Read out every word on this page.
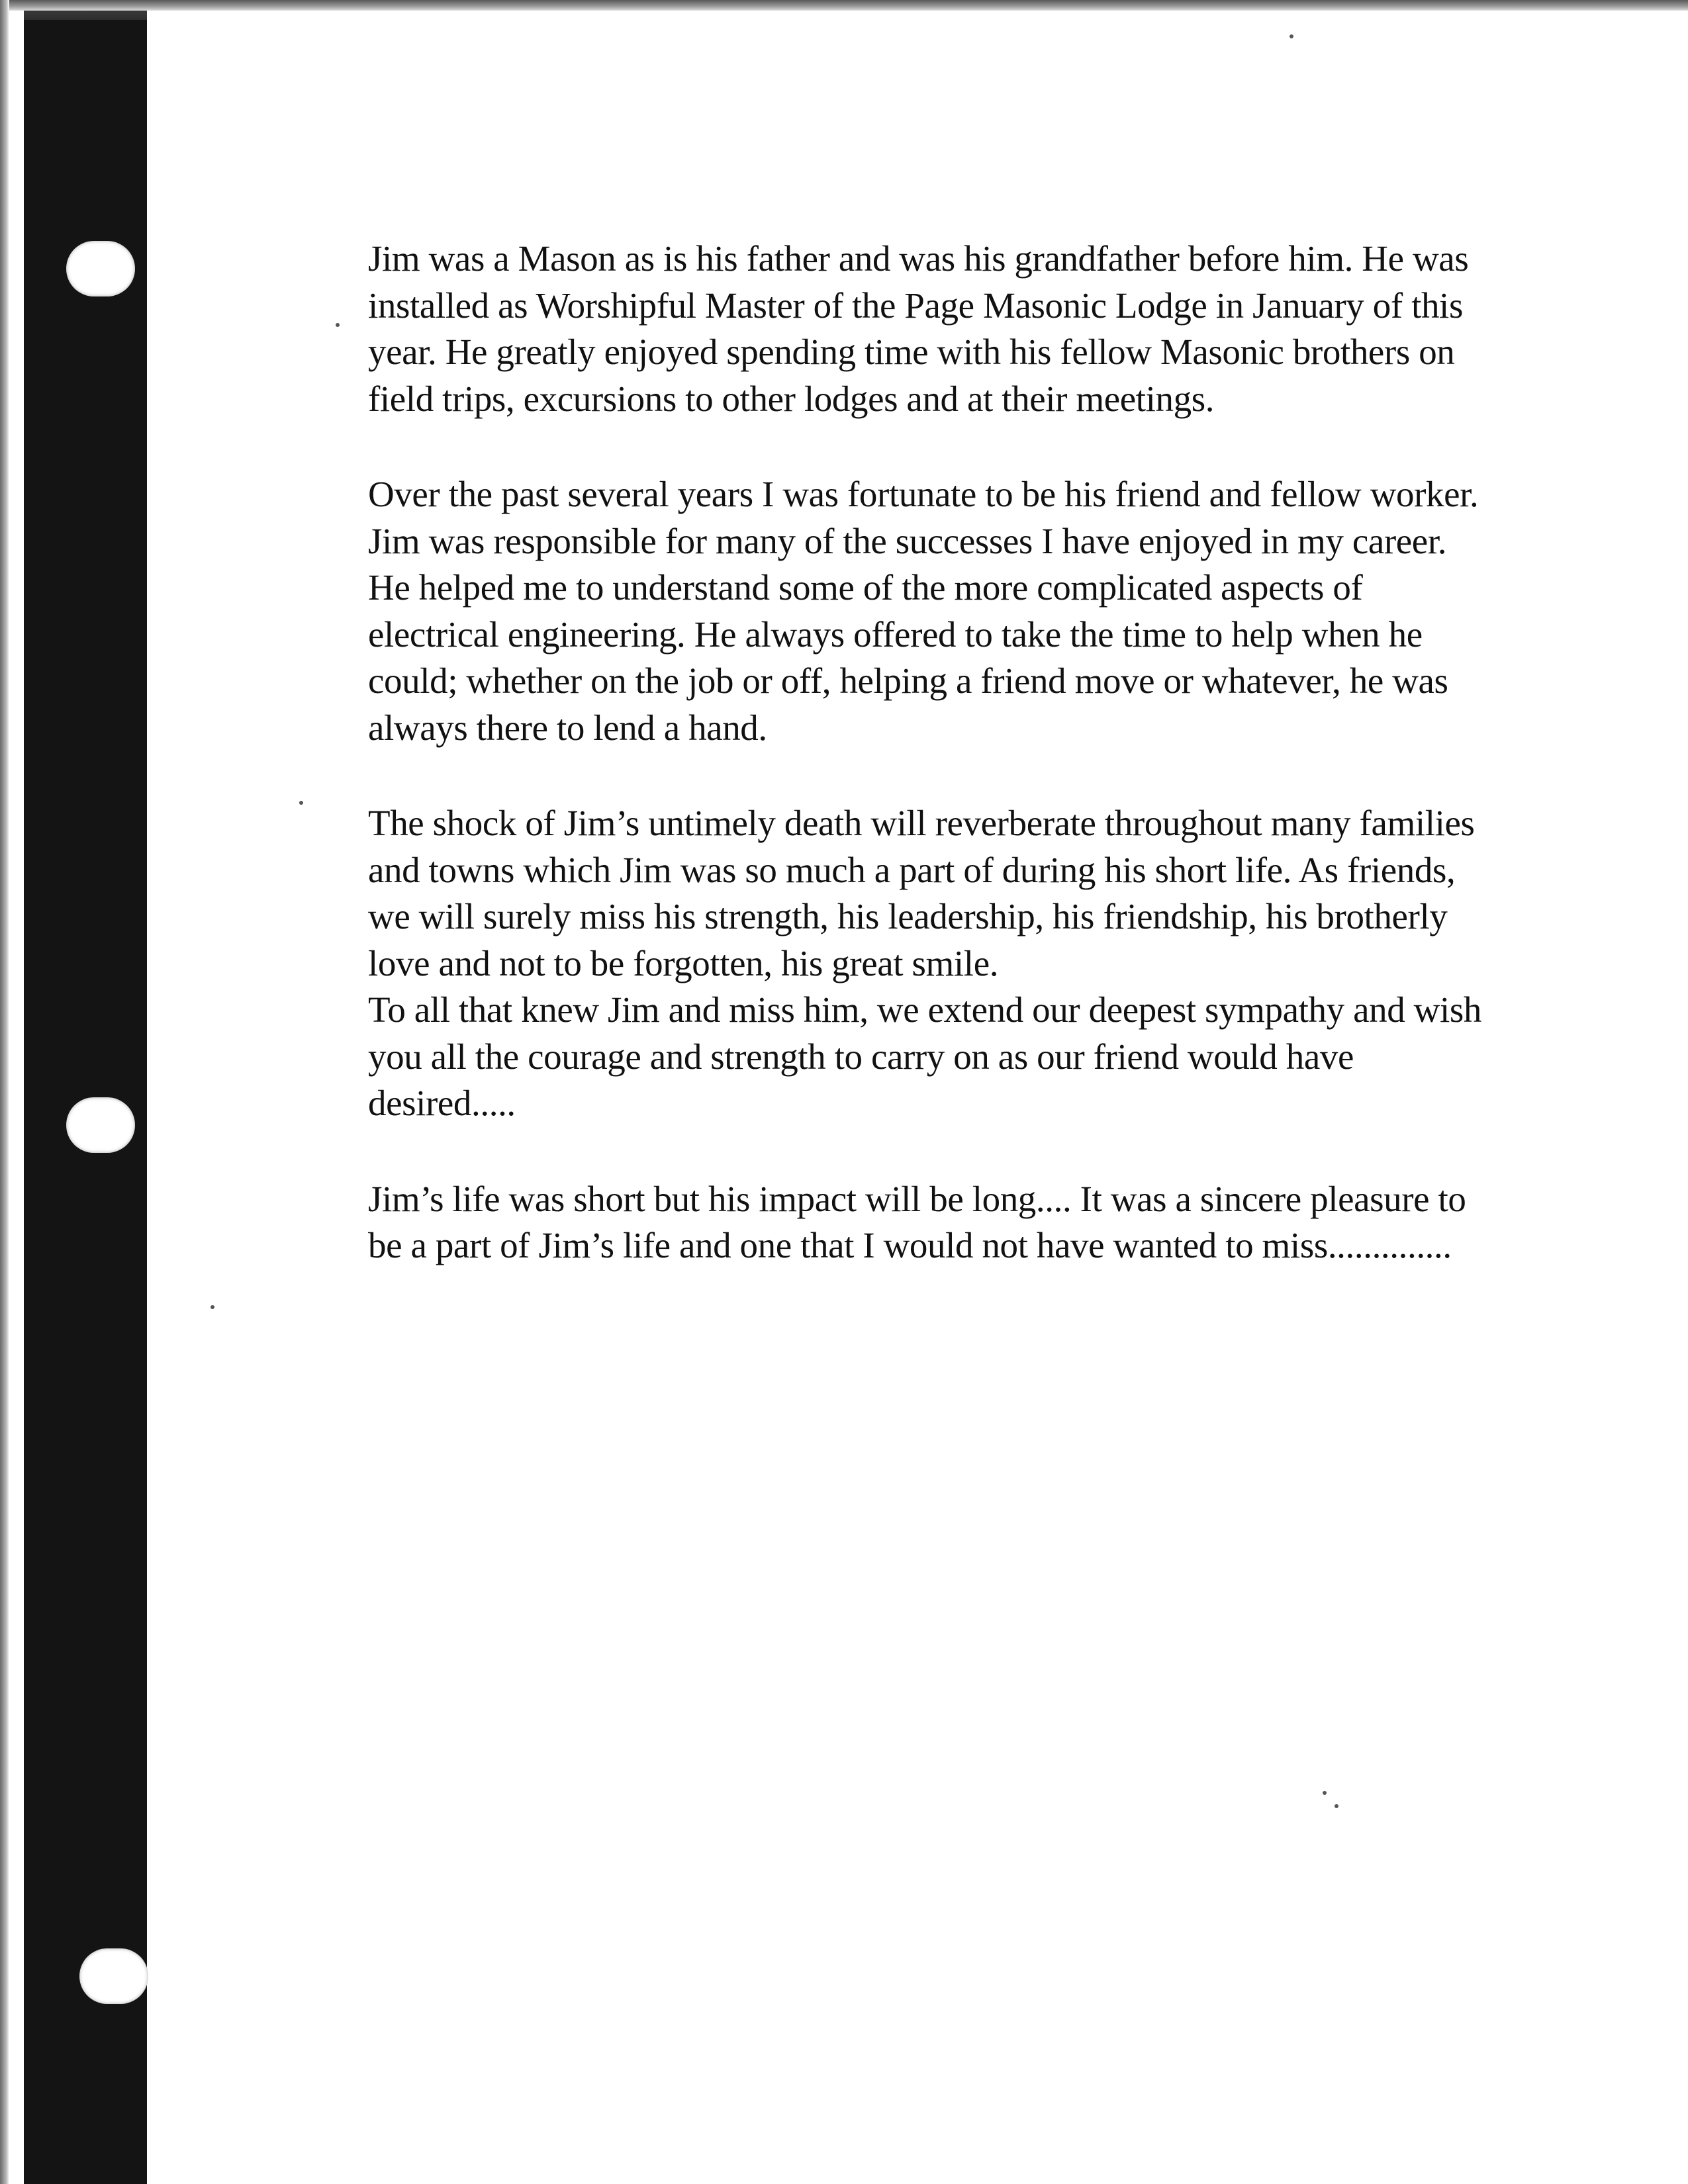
Jim was a Mason as is his father and was his grandfather before him. He was
installed as Worshipful Master of the Page Masonic Lodge in January of this
year. He greatly enjoyed spending time with his fellow Masonic brothers on
field trips, excursions to other lodges and at their meetings.
Over the past several years I was fortunate to be his friend and fellow worker.
Jim was responsible for many of the successes I have enjoyed in my career.
He helped me to understand some of the more complicated aspects of
electrical engineering. He always offered to take the time to help when he
could; whether on the job or off, helping a friend move or whatever, he was
always there to lend a hand.
The shock of Jim’s untimely death will reverberate throughout many families
and towns which Jim was so much a part of during his short life. As friends,
we will surely miss his strength, his leadership, his friendship, his brotherly
love and not to be forgotten, his great smile.
To all that knew Jim and miss him, we extend our deepest sympathy and wish
you all the courage and strength to carry on as our friend would have
desired.....
Jim’s life was short but his impact will be long.... It was a sincere pleasure to
be a part of Jim’s life and one that I would not have wanted to miss..............
